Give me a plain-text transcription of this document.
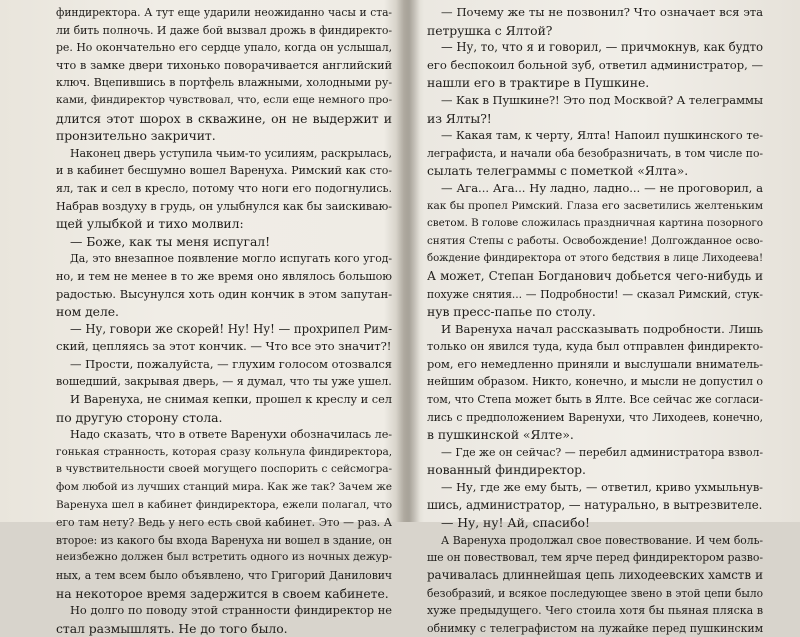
финдиректора. А тут еще ударили неожиданно часы и ста-

ли бить полночь. И даже бой вызвал дрожь в финдиректо-

ре. Но окончательно его сердце упало, когда он услышал,

что в замке двери тихонько поворачивается английский

ключ. Вцепившись в портфель влажными, холодными ру-

ками, финдиректор чувствовал, что, если еще немного про-

длится этот шорох в скважине, он не выдержит и

пронзительно закричит.

Наконец дверь уступила чьим-то усилиям, раскрылась,

и в кабинет бесшумно вошел Варенуха. Римский как сто-

ял, так и сел в кресло, потому что ноги его подогнулись.

Набрав воздуху в грудь, он улыбнулся как бы заискиваю-

щей улыбкой и тихо молвил:

— Боже, как ты меня испугал!

Да, это внезапное появление могло испугать кого угод-

но, и тем не менее в то же время оно являлось большою

радостью. Высунулся хоть один кончик в этом запутан-

ном деле.

— Ну, говори же скорей! Ну! Ну! — прохрипел Рим-

ский, цепляясь за этот кончик. — Что все это значит?!

— Прости, пожалуйста, — глухим голосом отозвался

вошедший, закрывая дверь, — я думал, что ты уже ушел.

И Варенуха, не снимая кепки, прошел к креслу и сел

по другую сторону стола.

Надо сказать, что в ответе Варенухи обозначилась ле-

гонькая странность, которая сразу кольнула финдиректора,

в чувствительности своей могущего поспорить с сейсмогра-

фом любой из лучших станций мира. Как же так? Зачем же

Варенуха шел в кабинет финдиректора, ежели полагал, что

его там нету? Ведь у него есть свой кабинет. Это — раз. А

второе: из какого бы входа Варенуха ни вошел в здание, он

неизбежно должен был встретить одного из ночных дежур-

ных, а тем всем было объявлено, что Григорий Данилович

на некоторое время задержится в своем кабинете.

Но долго по поводу этой странности финдиректор не

стал размышлять. Не до того было.

— Почему же ты не позвонил? Что означает вся эта

петрушка с Ялтой?

— Ну, то, что я и говорил, — причмокнув, как будто

его беспокоил больной зуб, ответил администратор, —

нашли его в трактире в Пушкине.

— Как в Пушкине?! Это под Москвой? А телеграммы

из Ялты?!

— Какая там, к черту, Ялта! Напоил пушкинского те-

леграфиста, и начали оба безобразничать, в том числе по-

сылать телеграммы с пометкой «Ялта».

— Ага... Ага... Ну ладно, ладно... — не проговорил, а

как бы пропел Римский. Глаза его засветились желтеньким

светом. В голове сложилась праздничная картина позорного

снятия Степы с работы. Освобождение! Долгожданное осво-

бождение финдиректора от этого бедствия в лице Лиходеева!

А может, Степан Богданович добьется чего-нибудь и

похуже снятия... — Подробности! — сказал Римский, стук-

нув пресс-папье по столу.

И Варенуха начал рассказывать подробности. Лишь

только он явился туда, куда был отправлен финдиректо-

ром, его немедленно приняли и выслушали вниматель-

нейшим образом. Никто, конечно, и мысли не допустил о

том, что Степа может быть в Ялте. Все сейчас же согласи-

лись с предположением Варенухи, что Лиходеев, конечно,

в пушкинской «Ялте».

— Где же он сейчас? — перебил администратора взвол-

нованный финдиректор.

— Ну, где же ему быть, — ответил, криво ухмыльнув-

шись, администратор, — натурально, в вытрезвителе.

— Ну, ну! Ай, спасибо!

А Варенуха продолжал свое повествование. И чем боль-

ше он повествовал, тем ярче перед финдиректором разво-

рачивалась длиннейшая цепь лиходеевских хамств и

безобразий, и всякое последующее звено в этой цепи было

хуже предыдущего. Чего стоила хотя бы пьяная пляска в

обнимку с телеграфистом на лужайке перед пушкинским
